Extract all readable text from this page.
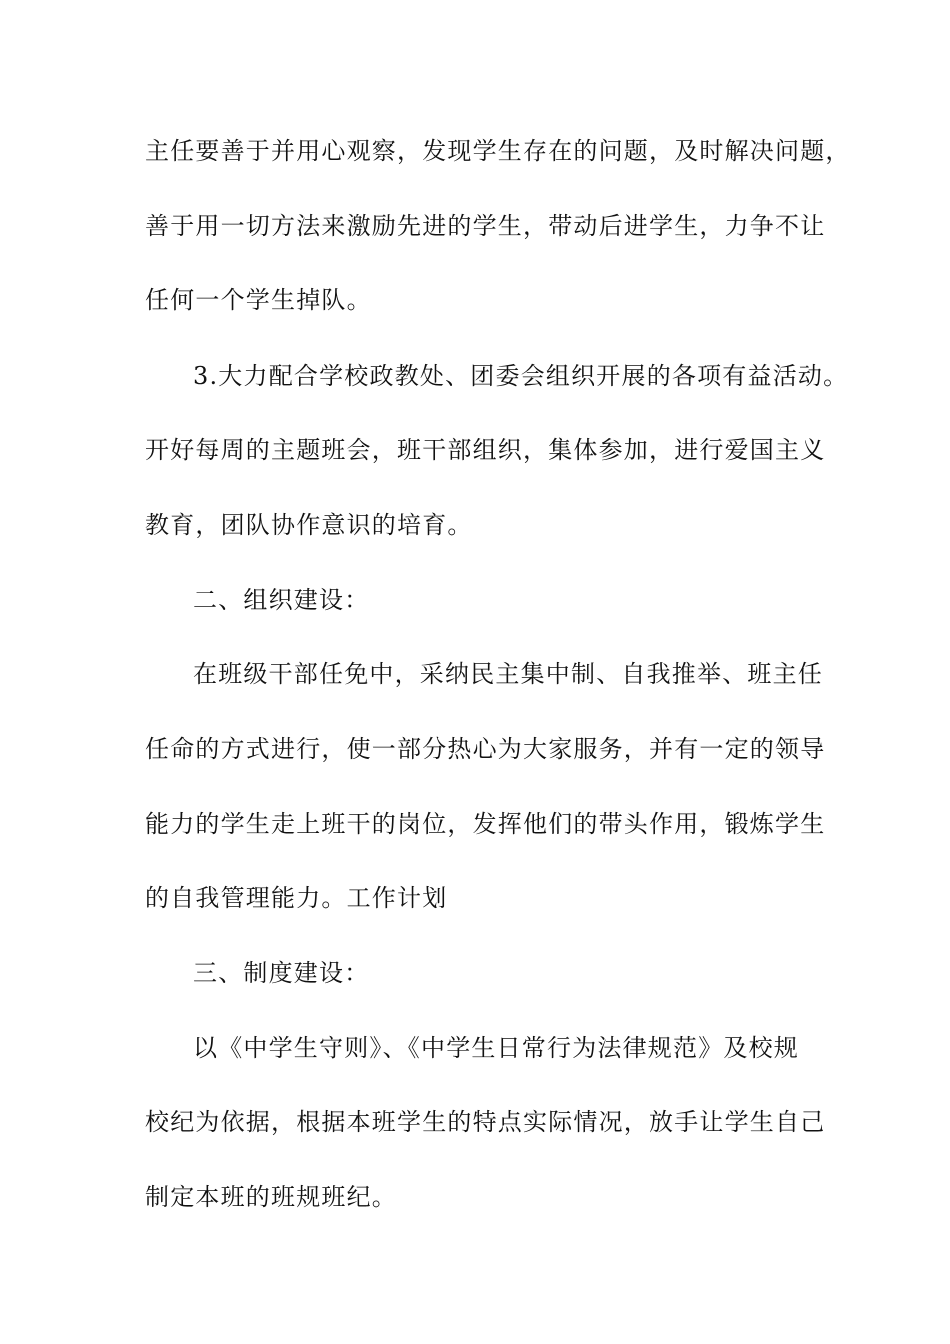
主任要善于并用心观察，发现学生存在的问题，及时解决问题，

善于用一切方法来激励先进的学生，带动后进学生，力争不让

任何一个学生掉队。

3.大力配合学校政教处、团委会组织开展的各项有益活动。

开好每周的主题班会，班干部组织，集体参加，进行爱国主义

教育，团队协作意识的培育。

二、组织建设：

在班级干部任免中，采纳民主集中制、自我推举、班主任

任命的方式进行，使一部分热心为大家服务，并有一定的领导

能力的学生走上班干的岗位，发挥他们的带头作用，锻炼学生

的自我管理能力。工作计划

三、制度建设：

以《中学生守则》、《中学生日常行为法律规范》及校规

校纪为依据，根据本班学生的特点实际情况，放手让学生自己

制定本班的班规班纪。
